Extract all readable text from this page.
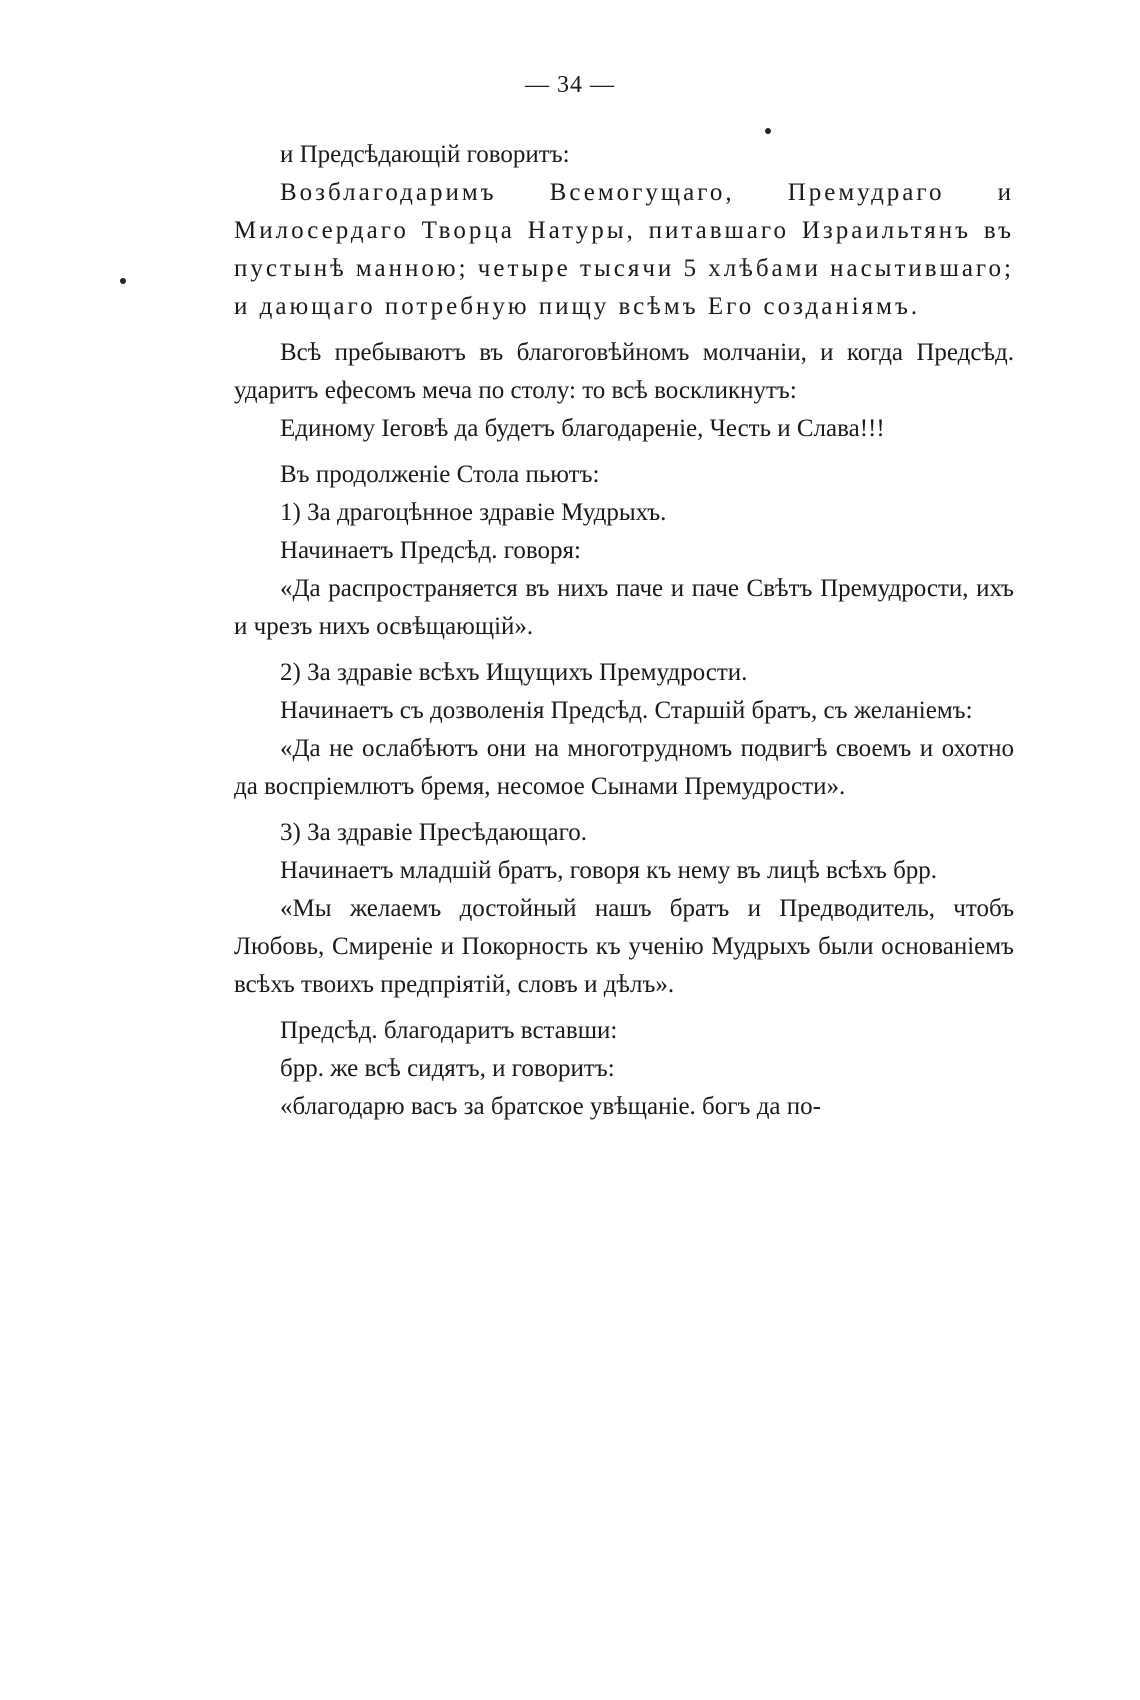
— 34 —

и Предсѣдающій говоритъ:

Возблагодаримъ Всемогущаго, Премудраго и Милосердаго Творца Натуры, питавшаго Израильтянъ въ пустынѣ манною; четыре тысячи 5 хлѣбами насытившаго; и дающаго потребную пищу всѣмъ Его созданіямъ.

Всѣ пребываютъ въ благоговѣйномъ молчаніи, и когда Предсѣд. ударитъ ефесомъ меча по столу: то всѣ воскликнутъ:

Единому Іеговѣ да будетъ благодареніе, Честь и Слава!!!

Въ продолженіе Стола пьютъ:

1) За драгоцѣнное здравіе Мудрыхъ.

Начинаетъ Предсѣд. говоря:

«Да распространяется въ нихъ паче и паче Свѣтъ Премудрости, ихъ и чрезъ нихъ освѣщающій».

2) За здравіе всѣхъ Ищущихъ Премудрости.

Начинаетъ съ дозволенія Предсѣд. Старшій братъ, съ желаніемъ:

«Да не ослабѣютъ они на многотрудномъ подвигѣ своемъ и охотно да воспріемлютъ бремя, несомое Сынами Премудрости».

3) За здравіе Пресѣдающаго.

Начинаетъ младшій братъ, говоря къ нему въ лицѣ всѣхъ брр.

«Мы желаемъ достойный нашъ братъ и Предводитель, чтобъ Любовь, Смиреніе и Покорность къ ученію Мудрыхъ были основаніемъ всѣхъ твоихъ предпріятій, словъ и дѣлъ».

Предсѣд. благодаритъ вставши:

брр. же всѣ сидятъ, и говоритъ:

«благодарю васъ за братское увѣщаніе. богъ да по-
